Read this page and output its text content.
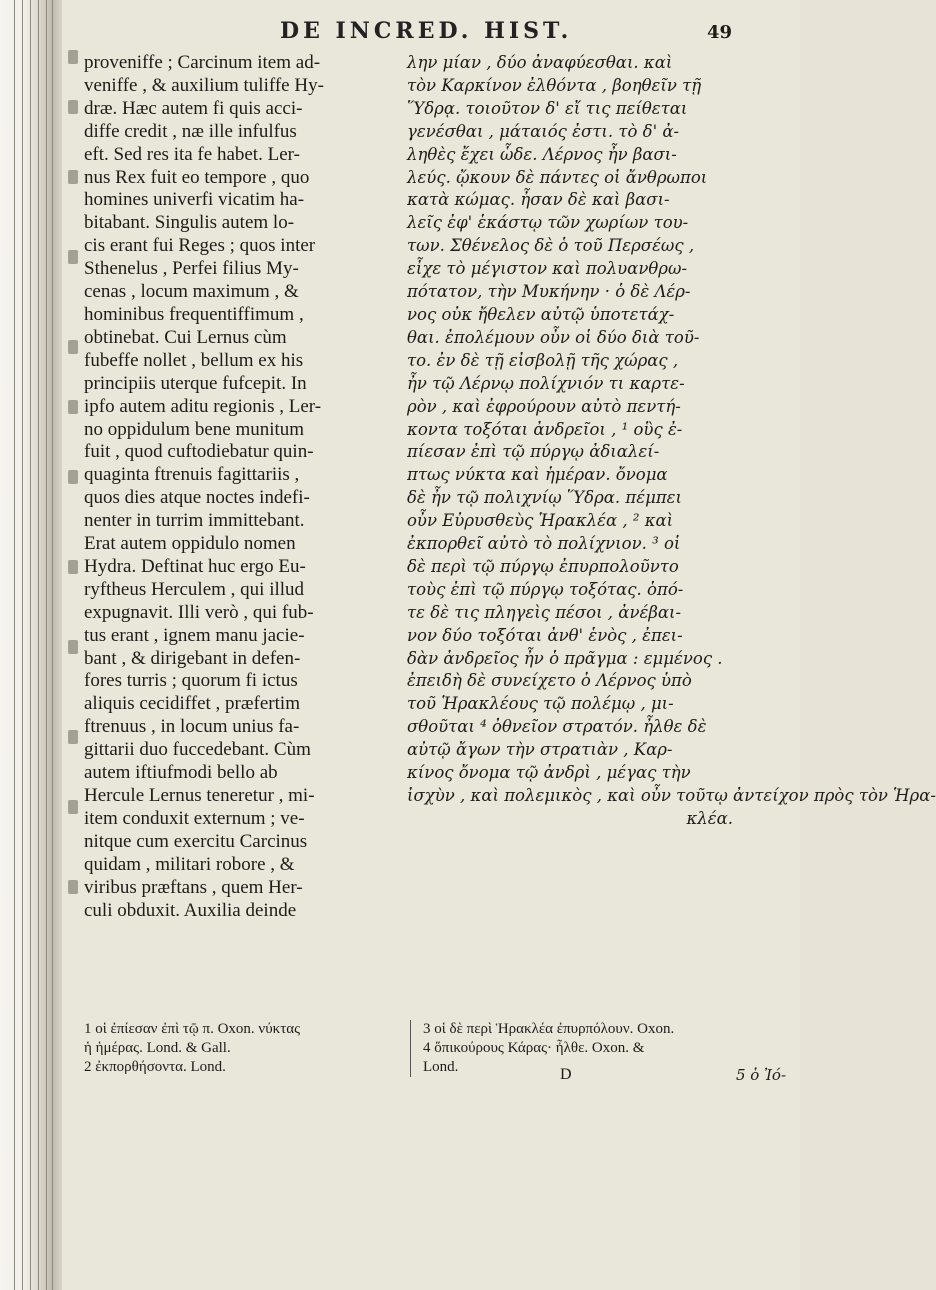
DE INCRED. HIST.	49
proveniffe ; Carcinum item ad-
veniffe , & auxilium tuliffe Hy-
dræ. Hæc autem fi quis acci-
diffe credit , næ ille infulfus
eft. Sed res ita fe habet. Ler-
nus Rex fuit eo tempore , quo
homines univerfi vicatim ha-
bitabant. Singulis autem lo-
cis erant fui Reges ; quos inter
Sthenelus , Perfei filius My-
cenas , locum maximum , &
hominibus frequentiffimum ,
obtinebat. Cui Lernus cùm
fubeffe nollet , bellum ex his
principiis uterque fufcepit. In
ipfo autem aditu regionis , Ler-
no oppidulum bene munitum
fuit , quod cuftodiebatur quin-
quaginta ftrenuis fagittariis ,
quos dies atque noctes indefi-
nenter in turrim immittebant.
Erat autem oppidulo nomen
Hydra. Deftinat huc ergo Eu-
ryftheus Herculem , qui illud
expugnavit. Illi verò , qui fub-
tus erant , ignem manu jacie-
bant , & dirigebant in defen-
fores turris ; quorum fi ictus
aliquis cecidiffet , præfertim
ftrenuus , in locum unius fa-
gittarii duo fuccedebant. Cùm
autem iftiufmodi bello ab
Hercule Lernus teneretur , mi-
item conduxit externum ; ve-
nitque cum exercitu Carcinus
quidam , militari robore , &
viribus præftans , quem Her-
culi obduxit. Auxilia deinde
λην μίαν , δύο ἀναφύεσθαι. καὶ
τὸν Καρκίνον ἐλθόντα , βοηθεῖν τῇ
Ὕδρᾳ. τοιοῦτον δ' εἴ τις πείθεται
γενέσθαι , μάταιός ἐστι. τὸ δ' ἀ-
ληθὲς ἔχει ὧδε. Λέρνος ἦν βασι-
λεύς. ᾤκουν δὲ πάντες οἱ ἄνθρωποι
κατὰ κώμας. ἦσαν δὲ καὶ βασι-
λεῖς ἐφ' ἑκάστῳ τῶν χωρίων του-
των. Σθένελος δὲ ὁ τοῦ Περσέως ,
εἶχε τὸ μέγιστον καὶ πολυανθρω-
πότατον, τὴν Μυκήνην · ὁ δὲ Λέρ-
νος οὐκ ἤθελεν αὐτῷ ὑποτετάχ-
θαι. ἐπολέμουν οὖν οἱ δύο διὰ τοῦ-
το. ἐν δὲ τῇ εἰσβολῇ τῆς χώρας ,
ἦν τῷ Λέρνῳ πολίχνιόν τι καρτε-
ρὸν , καὶ ἐφρούρουν αὐτὸ πεντή-
κοντα τοξόται ἀνδρεῖοι , ¹ οὓς ἐ-
πίεσαν ἐπὶ τῷ πύργῳ ἀδιαλεί-
πτως νύκτα καὶ ἡμέραν. ὄνομα
δὲ ἦν τῷ πολιχνίῳ Ὕδρα. πέμπει
οὖν Εὐρυσθεὺς Ἡρακλέα , ² καὶ
ἐκπορθεῖ αὐτὸ τὸ πολίχνιον. ³ οἱ
δὲ περὶ τῷ πύργῳ ἐπυρπολοῦντο
τοὺς ἐπὶ τῷ πύργῳ τοξότας. ὁπό-
τε δὲ τις πληγεὶς πέσοι , ἀνέβαι-
νον δύο τοξόται ἀνθ' ἑνὸς , ἐπει-
δὰν ἀνδρεῖος ἦν ὁ πρᾶγμα : εμμένος .
ἐπειδὴ δὲ συνείχετο ὁ Λέρνος ὑπὸ
τοῦ Ἡρακλέους τῷ πολέμῳ , μι-
σθοῦται ⁴ ὀθνεῖον στρατόν. ἦλθε δὲ
αὐτῷ ἄγων τὴν στρατιὰν , Καρ-
κίνος ὄνομα τῷ ἀνδρὶ , μέγας τὴν
ἰσχὺν , καὶ πολεμικὸς , καὶ οὖν τοῦτῳ ἀντείχον πρὸς τὸν Ἡρα-
κλέα.
1 οἱ ἐπίεσαν ἐπὶ τῷ π. Oxon. νύκτας
ἡ ἡμέρας. Lond. & Gall.
2 ἐκπορθήσοντα. Lond.
3 οἱ δὲ περὶ Ἡρακλέα ἐπυρπόλουν. Oxon.
4 ὅπικούρους Κάρας· ἦλθε. Oxon. &
Lond.	D	5 ὁ Ἰό-
